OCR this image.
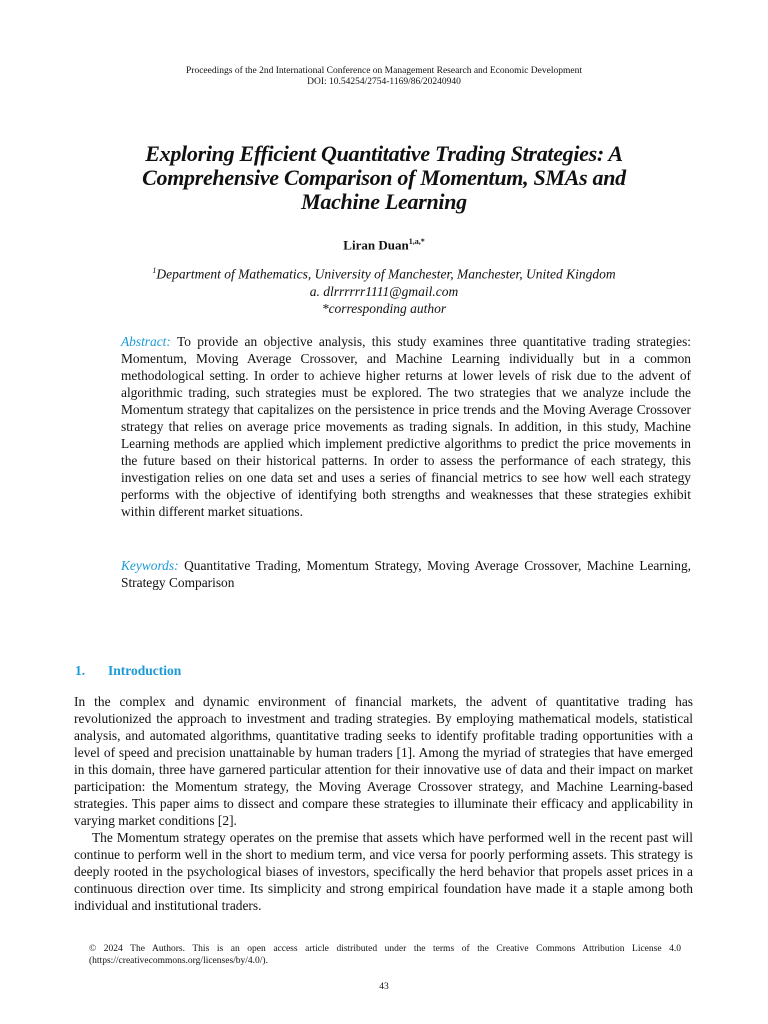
Proceedings of the 2nd International Conference on Management Research and Economic Development
DOI: 10.54254/2754-1169/86/20240940
Exploring Efficient Quantitative Trading Strategies: A
Comprehensive Comparison of Momentum, SMAs and
Machine Learning
Liran Duan$^{1,a,*}$
$^1$Department of Mathematics, University of Manchester, Manchester, United Kingdom
a. dlrrrrrr1111@gmail.com
*corresponding author
Abstract: To provide an objective analysis, this study examines three quantitative trading strategies: Momentum, Moving Average Crossover, and Machine Learning individually but in a common methodological setting. In order to achieve higher returns at lower levels of risk due to the advent of algorithmic trading, such strategies must be explored. The two strategies that we analyze include the Momentum strategy that capitalizes on the persistence in price trends and the Moving Average Crossover strategy that relies on average price movements as trading signals. In addition, in this study, Machine Learning methods are applied which implement predictive algorithms to predict the price movements in the future based on their historical patterns. In order to assess the performance of each strategy, this investigation relies on one data set and uses a series of financial metrics to see how well each strategy performs with the objective of identifying both strengths and weaknesses that these strategies exhibit within different market situations.
Keywords: Quantitative Trading, Momentum Strategy, Moving Average Crossover, Machine Learning, Strategy Comparison
1. Introduction

In the complex and dynamic environment of financial markets, the advent of quantitative trading has revolutionized the approach to investment and trading strategies. By employing mathematical models, statistical analysis, and automated algorithms, quantitative trading seeks to identify profitable trading opportunities with a level of speed and precision unattainable by human traders [1]. Among the myriad of strategies that have emerged in this domain, three have garnered particular attention for their innovative use of data and their impact on market participation: the Momentum strategy, the Moving Average Crossover strategy, and Machine Learning-based strategies. This paper aims to dissect and compare these strategies to illuminate their efficacy and applicability in varying market conditions [2].

The Momentum strategy operates on the premise that assets which have performed well in the recent past will continue to perform well in the short to medium term, and vice versa for poorly performing assets. This strategy is deeply rooted in the psychological biases of investors, specifically the herd behavior that propels asset prices in a continuous direction over time. Its simplicity and strong empirical foundation have made it a staple among both individual and institutional traders.

© 2024 The Authors. This is an open access article distributed under the terms of the Creative Commons Attribution License 4.0 (https://creativecommons.org/licenses/by/4.0/).
43
